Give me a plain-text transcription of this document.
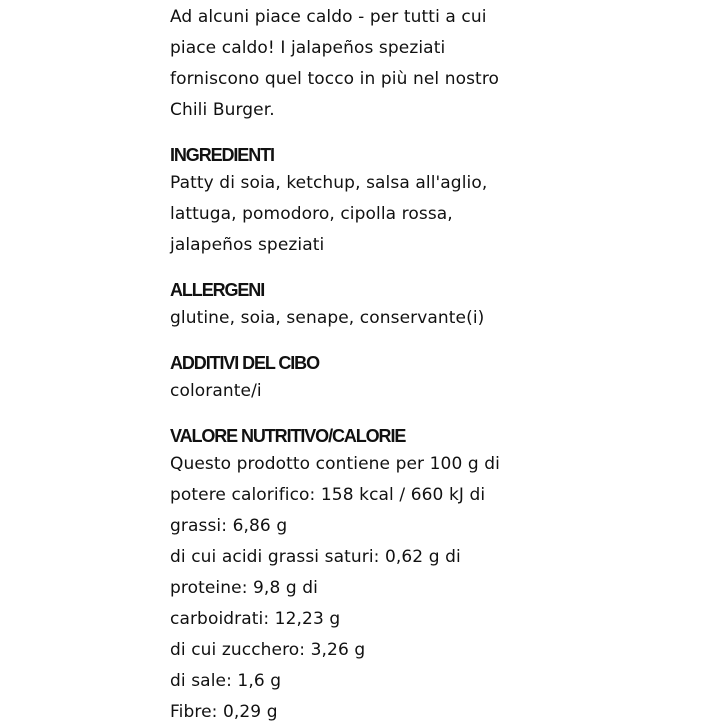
Ad alcuni piace caldo - per tutti a cui
piace caldo! I jalapeños speziati
forniscono quel tocco in più nel nostro
Chili Burger.
INGREDIENTI
Patty di soia, ketchup, salsa all'aglio,
lattuga, pomodoro, cipolla rossa,
jalapeños speziati
ALLERGENI
glutine, soia, senape, conservante(i)
ADDITIVI DEL CIBO
colorante/i
VALORE NUTRITIVO/CALORIE
Questo prodotto contiene per 100 g di
potere calorifico: 158 kcal / 660 kJ di
grassi: 6,86 g
di cui acidi grassi saturi: 0,62 g di
proteine: 9,8 g di
carboidrati: 12,23 g
di cui zucchero: 3,26 g
di sale: 1,6 g
Fibre: 0,29 g
